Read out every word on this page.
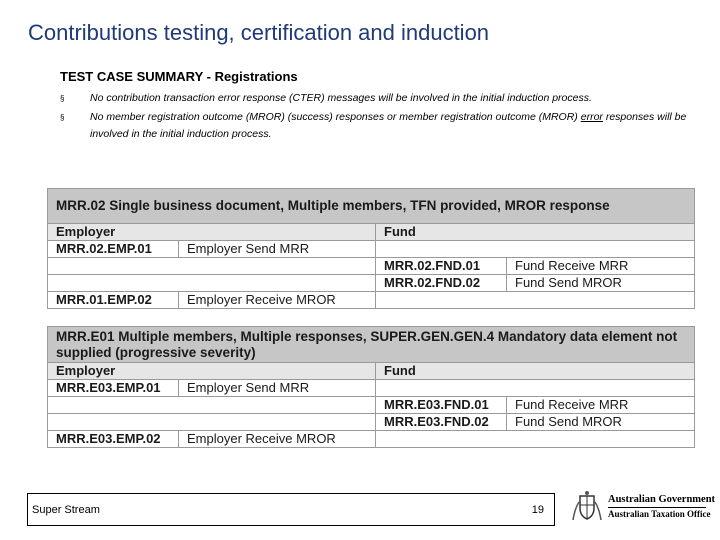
Contributions testing, certification and induction
TEST CASE SUMMARY - Registrations
§ No contribution transaction error response (CTER) messages will be involved in the initial induction process.
§ No member registration outcome (MROR) (success) responses or member registration outcome (MROR) error responses will be involved in the initial induction process.
MRR.02 Single business document, Multiple members, TFN provided, MROR response			
Employer		Fund	
MRR.02.EMP.01	Employer Send MRR		
		MRR.02.FND.01	Fund Receive MRR
		MRR.02.FND.02	Fund Send MROR
MRR.01.EMP.02	Employer Receive MROR		
MRR.E01 Multiple members, Multiple responses, SUPER.GEN.GEN.4 Mandatory data element not supplied (progressive severity)			
Employer		Fund	
MRR.E03.EMP.01	Employer Send MRR		
		MRR.E03.FND.01	Fund Receive MRR
		MRR.E03.FND.02	Fund Send MROR
MRR.E03.EMP.02	Employer Receive MROR		
Super Stream	19
Australian Government
Australian Taxation Office
